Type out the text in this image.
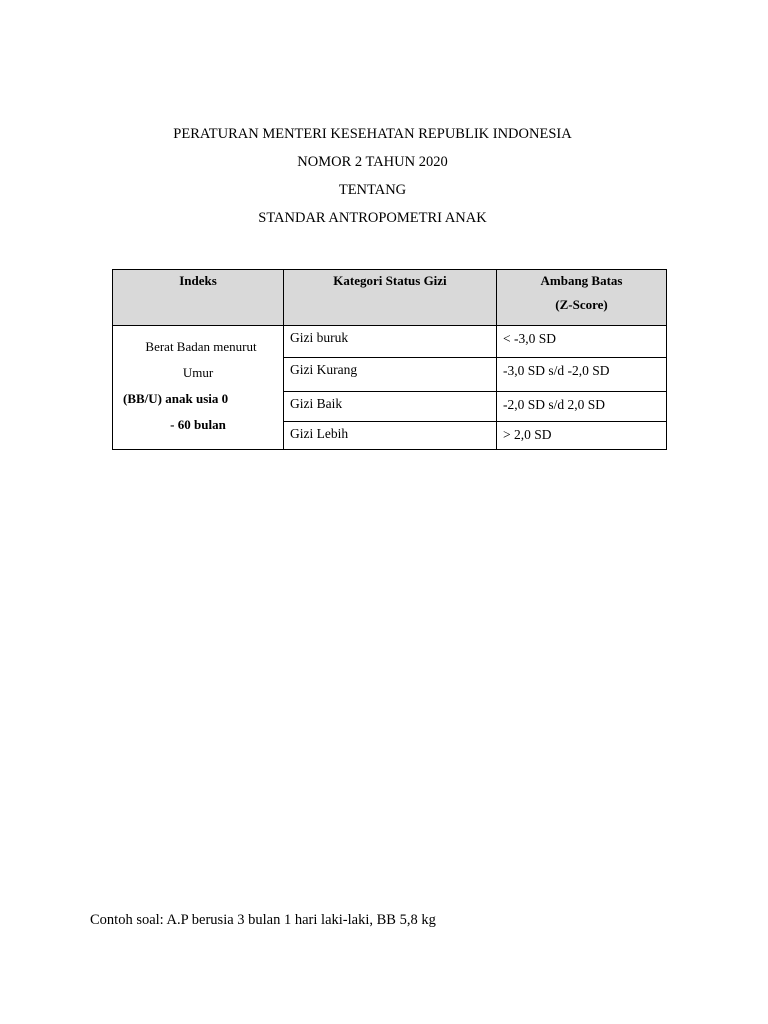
PERATURAN MENTERI KESEHATAN REPUBLIK INDONESIA
NOMOR 2 TAHUN 2020
TENTANG
STANDAR ANTROPOMETRI ANAK
Indeks	Kategori Status Gizi	Ambang Batas
(Z-Score)

Berat Badan menurut
Umur
(BB/U) anak usia 0
- 60 bulan	Gizi buruk	< -3,0 SD
	Gizi Kurang	-3,0 SD s/d -2,0 SD
	Gizi Baik	-2,0 SD s/d 2,0 SD
	Gizi Lebih	> 2,0 SD
Contoh soal: A.P berusia 3 bulan 1 hari laki-laki, BB 5,8 kg
